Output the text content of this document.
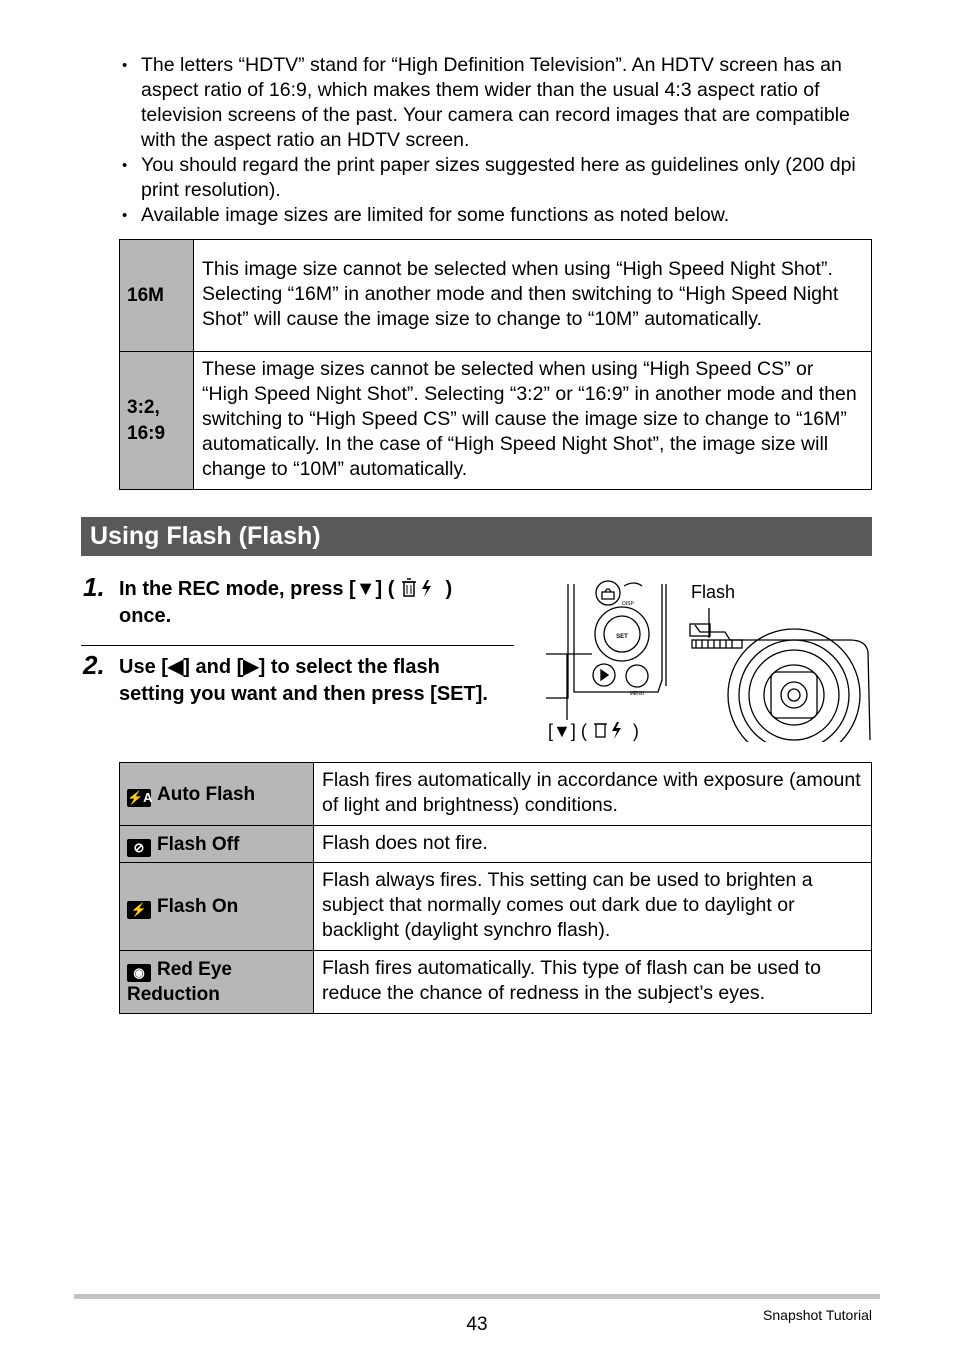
• The letters “HDTV” stand for “High Definition Television”. An HDTV screen has an aspect ratio of 16:9, which makes them wider than the usual 4:3 aspect ratio of television screens of the past. Your camera can record images that are compatible with the aspect ratio an HDTV screen.
• You should regard the print paper sizes suggested here as guidelines only (200 dpi print resolution).
• Available image sizes are limited for some functions as noted below.
16M	This image size cannot be selected when using “High Speed Night Shot”. Selecting “16M” in another mode and then switching to “High Speed Night Shot” will cause the image size to change to “10M” automatically.
3:2, 16:9	These image sizes cannot be selected when using “High Speed CS” or “High Speed Night Shot”. Selecting “3:2” or “16:9” in another mode and then switching to “High Speed CS” will cause the image size to change to “16M” automatically. In the case of “High Speed Night Shot”, the image size will change to “10M” automatically.
Using Flash (Flash)
1. In the REC mode, press [▼] (	) once.
2. Use [◀] and [▶] to select the flash setting you want and then press [SET].
SET
DISP
MENU
Flash
[▼] (	)
⚡A Auto Flash	Flash fires automatically in accordance with exposure (amount of light and brightness) conditions.
⊘ Flash Off	Flash does not fire.
⚡ Flash On	Flash always fires. This setting can be used to brighten a subject that normally comes out dark due to daylight or backlight (daylight synchro flash).
◉ Red Eye Reduction	Flash fires automatically. This type of flash can be used to reduce the chance of redness in the subject’s eyes.
43	Snapshot Tutorial
